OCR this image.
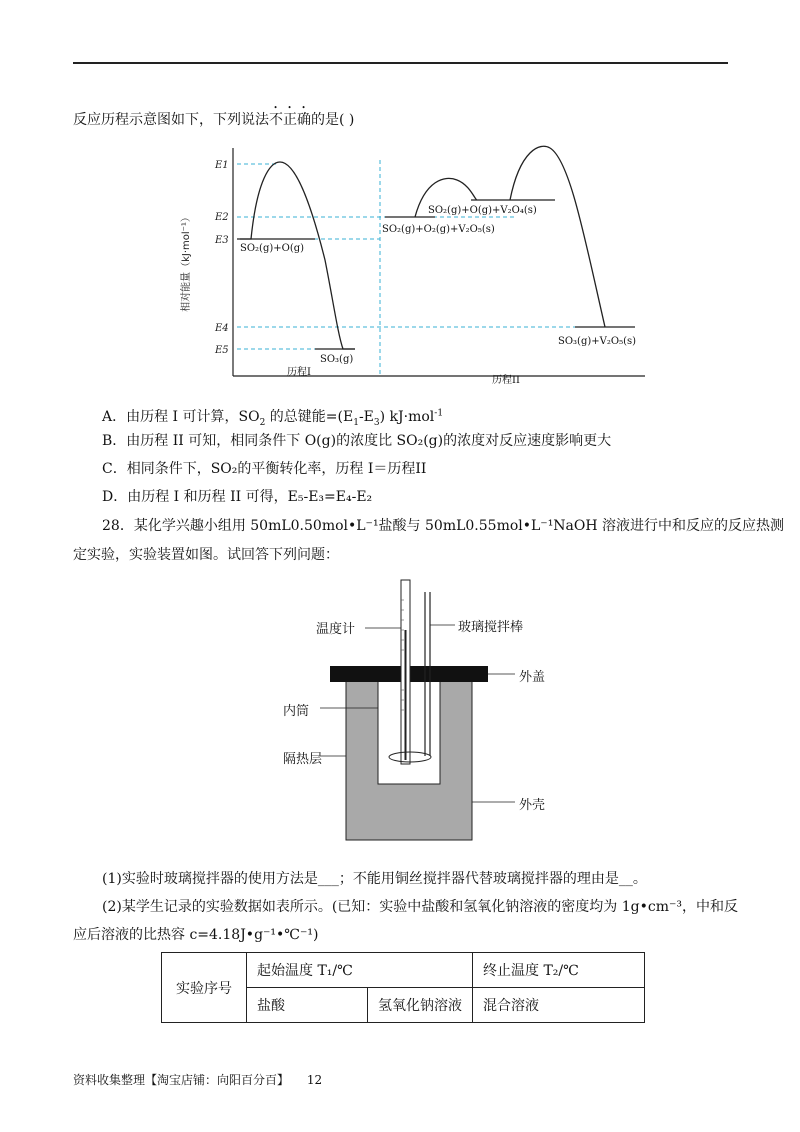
反应历程示意图如下，下列说法不正确的是( )
E1
E2
E3
E4
E5
相对能量（kJ·mol⁻¹）	SO₂(g)+O(g)
SO₃(g)
SO₂(g)+O₂(g)+V₂O₅(s)
SO₂(g)+O(g)+V₂O₄(s)
SO₃(g)+V₂O₅(s)
历程I
历程II
A．由历程 I 可计算，$SO_2$ 的总键能$=(E_1-E_3)$ kJ·mol$^{-1}$
B．由历程 II 可知，相同条件下 O(g)的浓度比 SO₂(g)的浓度对反应速度影响更大
C．相同条件下，SO₂的平衡转化率，历程 I＝历程II
D．由历程 I 和历程 II 可得，E₅-E₃=E₄-E₂
28．某化学兴趣小组用 50mL0.50mol•L⁻¹盐酸与 50mL0.55mol•L⁻¹NaOH 溶液进行中和反应的反应热测
定实验，实验装置如图。试回答下列问题：
温度计	玻璃搅拌棒
外盖
内筒
隔热层
外壳
(1)实验时玻璃搅拌器的使用方法是___；不能用铜丝搅拌器代替玻璃搅拌器的理由是__。
(2)某学生记录的实验数据如表所示。(已知：实验中盐酸和氢氧化钠溶液的密度均为 1g•cm⁻³，中和反
应后溶液的比热容 c=4.18J•g⁻¹•℃⁻¹)
实验序号	起始温度 T₁/℃		终止温度 T₂/℃
	盐酸	氢氧化钠溶液	混合溶液
资料收集整理【淘宝店铺：向阳百分百】 12
